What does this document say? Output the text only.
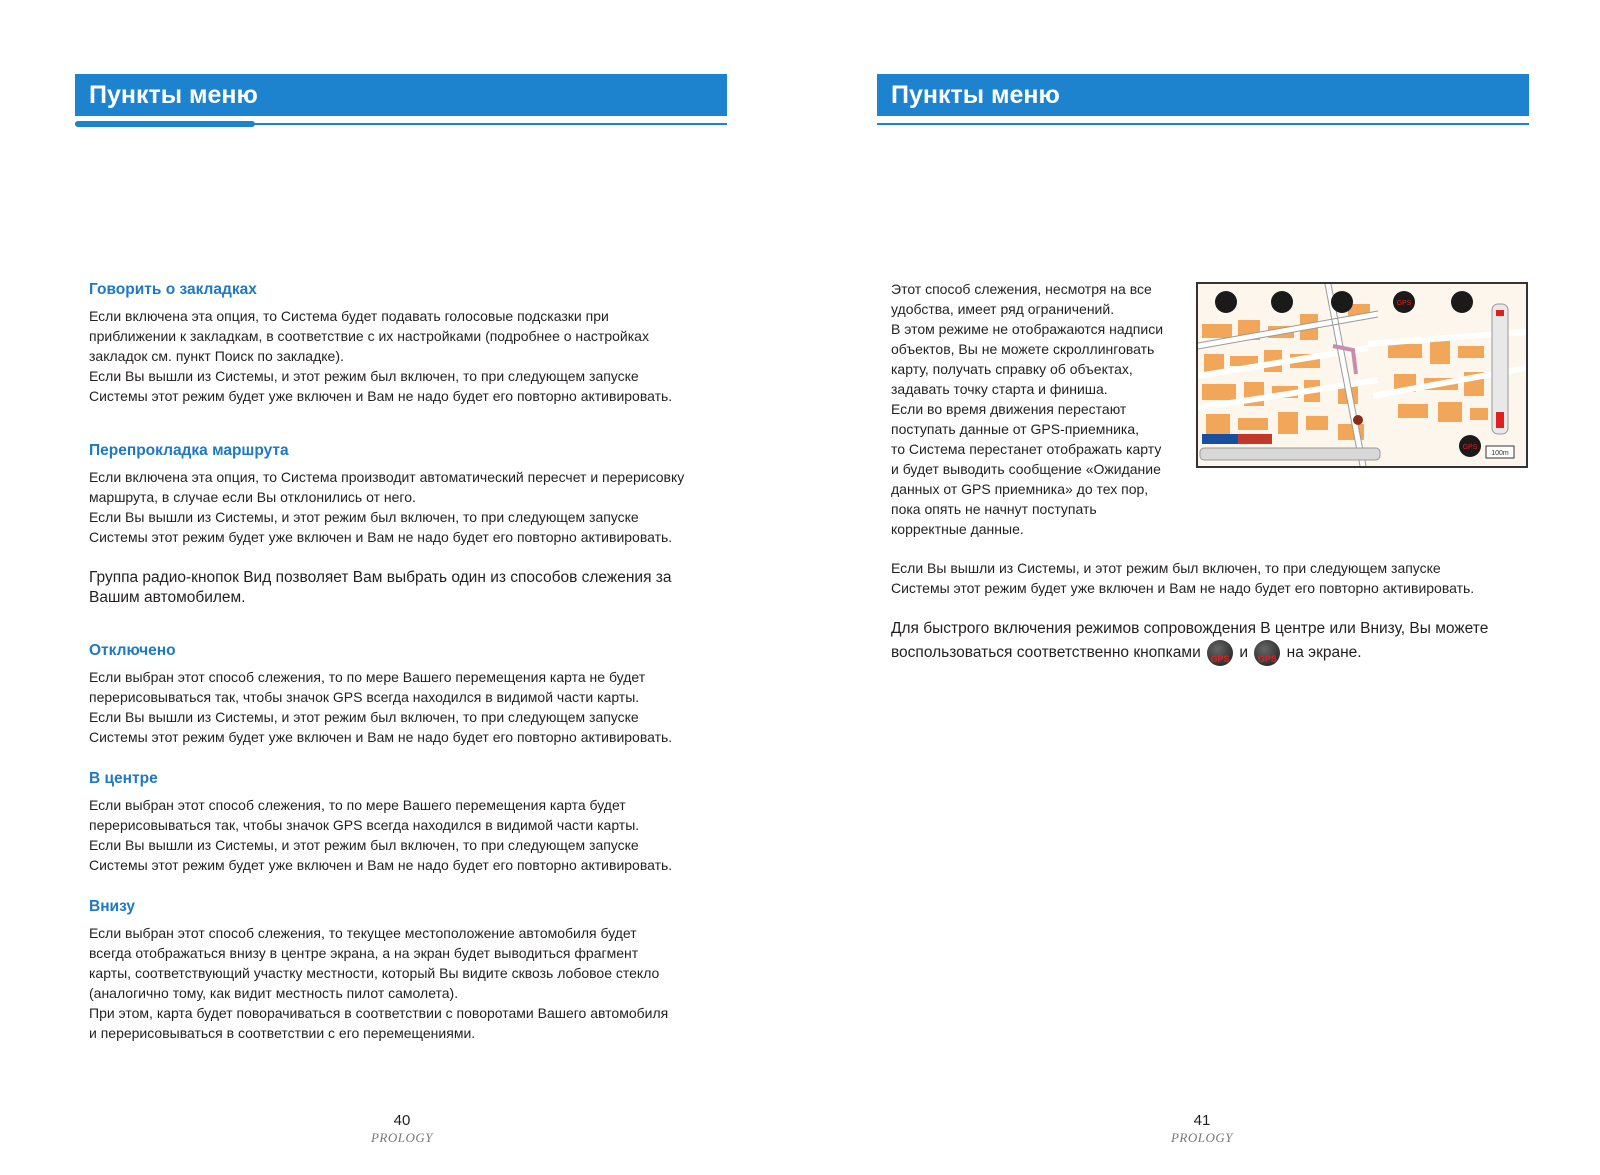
Пункты меню
Говорить о закладках
Если включена эта опция, то Система будет подавать голосовые подсказки при
приближении к закладкам, в соответствие с их настройками (подробнее о настройках
закладок см. пункт Поиск по закладке).
Если Вы вышли из Системы, и этот режим был включен, то при следующем запуске
Системы этот режим будет уже включен и Вам не надо будет его повторно активировать.
Перепрокладка маршрута
Если включена эта опция, то Система производит автоматический пересчет и перерисовку
маршрута, в случае если Вы отклонились от него.
Если Вы вышли из Системы, и этот режим был включен, то при следующем запуске
Системы этот режим будет уже включен и Вам не надо будет его повторно активировать.
Группа радио-кнопок Вид позволяет Вам выбрать один из способов слежения за
Вашим автомобилем.
Отключено
Если выбран этот способ слежения, то по мере Вашего перемещения карта не будет
перерисовываться так, чтобы значок GPS всегда находился в видимой части карты.
Если Вы вышли из Системы, и этот режим был включен, то при следующем запуске
Системы этот режим будет уже включен и Вам не надо будет его повторно активировать.
В центре
Если выбран этот способ слежения, то по мере Вашего перемещения карта будет
перерисовываться так, чтобы значок GPS всегда находился в видимой части карты.
Если Вы вышли из Системы, и этот режим был включен, то при следующем запуске
Системы этот режим будет уже включен и Вам не надо будет его повторно активировать.
Внизу
Если выбран этот способ слежения, то текущее местоположение автомобиля будет
всегда отображаться внизу в центре экрана, а на экран будет выводиться фрагмент
карты, соответствующий участку местности, который Вы видите сквозь лобовое стекло
(аналогично тому, как видит местность пилот самолета).
При этом, карта будет поворачиваться в соответствии с поворотами Вашего автомобиля
и перерисовываться в соответствии с его перемещениями.
40
PROLOGY
Пункты меню
Этот способ слежения, несмотря на все
удобства, имеет ряд ограничений.
В этом режиме не отображаются надписи
объектов, Вы не можете скроллинговать
карту, получать справку об объектах,
задавать точку старта и финиша.
Если во время движения перестают
поступать данные от GPS-приемника,
то Система перестанет отображать карту
и будет выводить сообщение «Ожидание
данных от GPS приемника» до тех пор,
пока опять не начнут поступать
корректные данные.
Если Вы вышли из Системы, и этот режим был включен, то при следующем запуске
Системы этот режим будет уже включен и Вам не надо будет его повторно активировать.
Для быстрого включения режимов сопровождения В центре или Внизу, Вы можете
воспользоваться соответственно кнопками	GPS и	GPS на экране.
41
PROLOGY
GPS
GPS
100m
